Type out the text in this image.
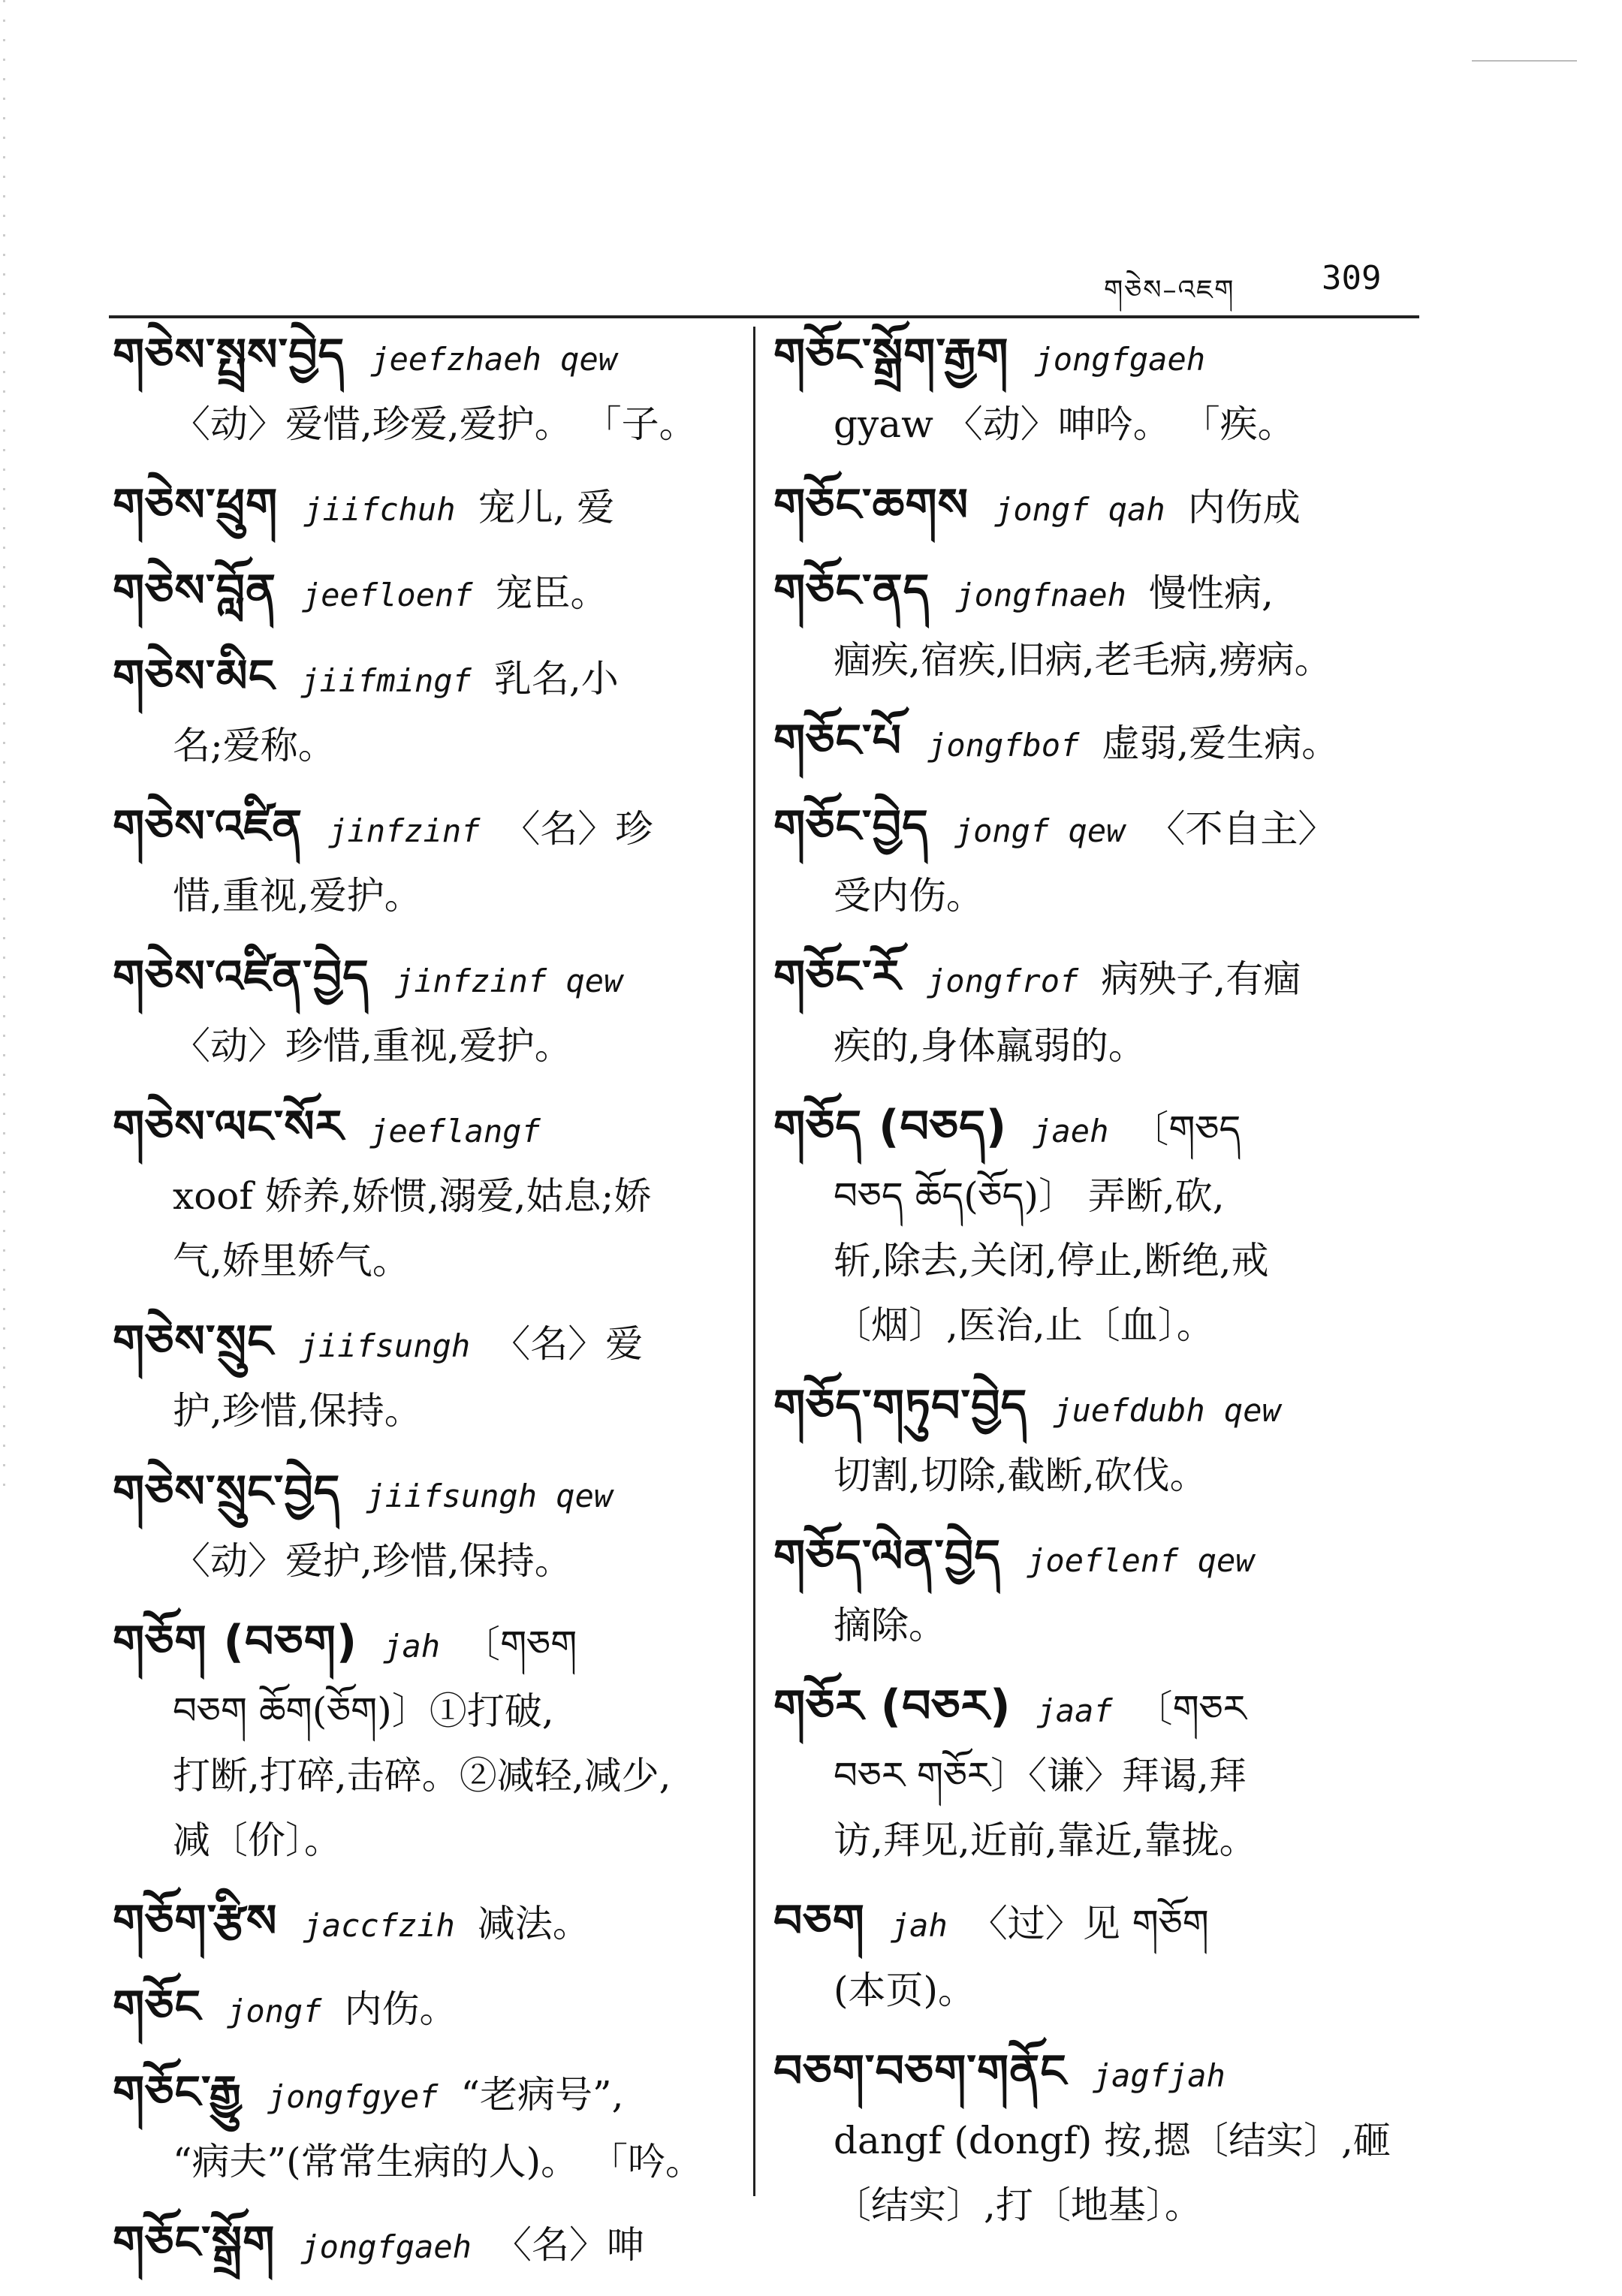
གཅེས–འཇག	309
གཅེས་སྤྲས་བྱེད jeefzhaeh qew
〈动〉爱惜,珍爱,爱护。 「子。
གཅེས་ཕྲུག jiifchuh 宠儿, 爱
གཅེས་བློན jeefloenf 宠臣。
གཅེས་མིང jiifmingf 乳名,小
名;爱称。
གཅེས་འཛིན jinfzinf 〈名〉珍
惜,重视,爱护。
གཅེས་འཛིན་བྱེད jinfzinf qew
〈动〉珍惜,重视,爱护。
གཅེས་ལང་སོར jeeflangf
xoof 娇养,娇惯,溺爱,姑息;娇
气,娇里娇气。
གཅེས་སྲུང jiifsungh 〈名〉爱
护,珍惜,保持。
གཅེས་སྲུང་བྱེད jiifsungh qew
〈动〉爱护,珍惜,保持。
གཅོག (བཅག) jah 〔གཅག
བཅག ཆོག(ཅོག)〕①打破,
打断,打碎,击碎。②减轻,减少,
减〔价〕。
གཅོག་རྩིས jaccfzih 减法。
གཅོང jongf 内伤。
གཅོང་རྒྱུ jongfgyef “老病号”,
“病夫”(常常生病的人)。 「吟。
གཅོང་སྒྲོག jongfgaeh 〈名〉呻
གཅོང་སྒྲོག་རྒྱག jongfgaeh
gyaw 〈动〉呻吟。 「疾。
གཅོང་ཆགས jongf qah 内伤成
གཅོང་ནད jongfnaeh 慢性病,
痼疾,宿疾,旧病,老毛病,痨病。
གཅོང་པོ jongfbof 虚弱,爱生病。
གཅོང་བྱེད jongf qew 〈不自主〉
受内伤。
གཅོང་རོ jongfrof 病殃子,有痼
疾的,身体羸弱的。
གཅོད (བཅད) jaeh 〔གཅད
བཅད ཆོད(ཅོད)〕 弄断,砍,
斩,除去,关闭,停止,断绝,戒
〔烟〕,医治,止〔血〕。
གཅོད་གཏུབ་བྱེད juefdubh qew
切割,切除,截断,砍伐。
གཅོད་ལེན་བྱེད joeflenf qew
摘除。
གཅོར (བཅར) jaaf 〔གཅར
བཅར གཅོར〕〈谦〉拜谒,拜
访,拜见,近前,靠近,靠拢。
བཅག jah 〈过〉见 གཅོག
(本页)。
བཅག་བཅག་གནོང jagfjah
dangf (dongf) 按,摁〔结实〕,砸
〔结实〕,打〔地基〕。
